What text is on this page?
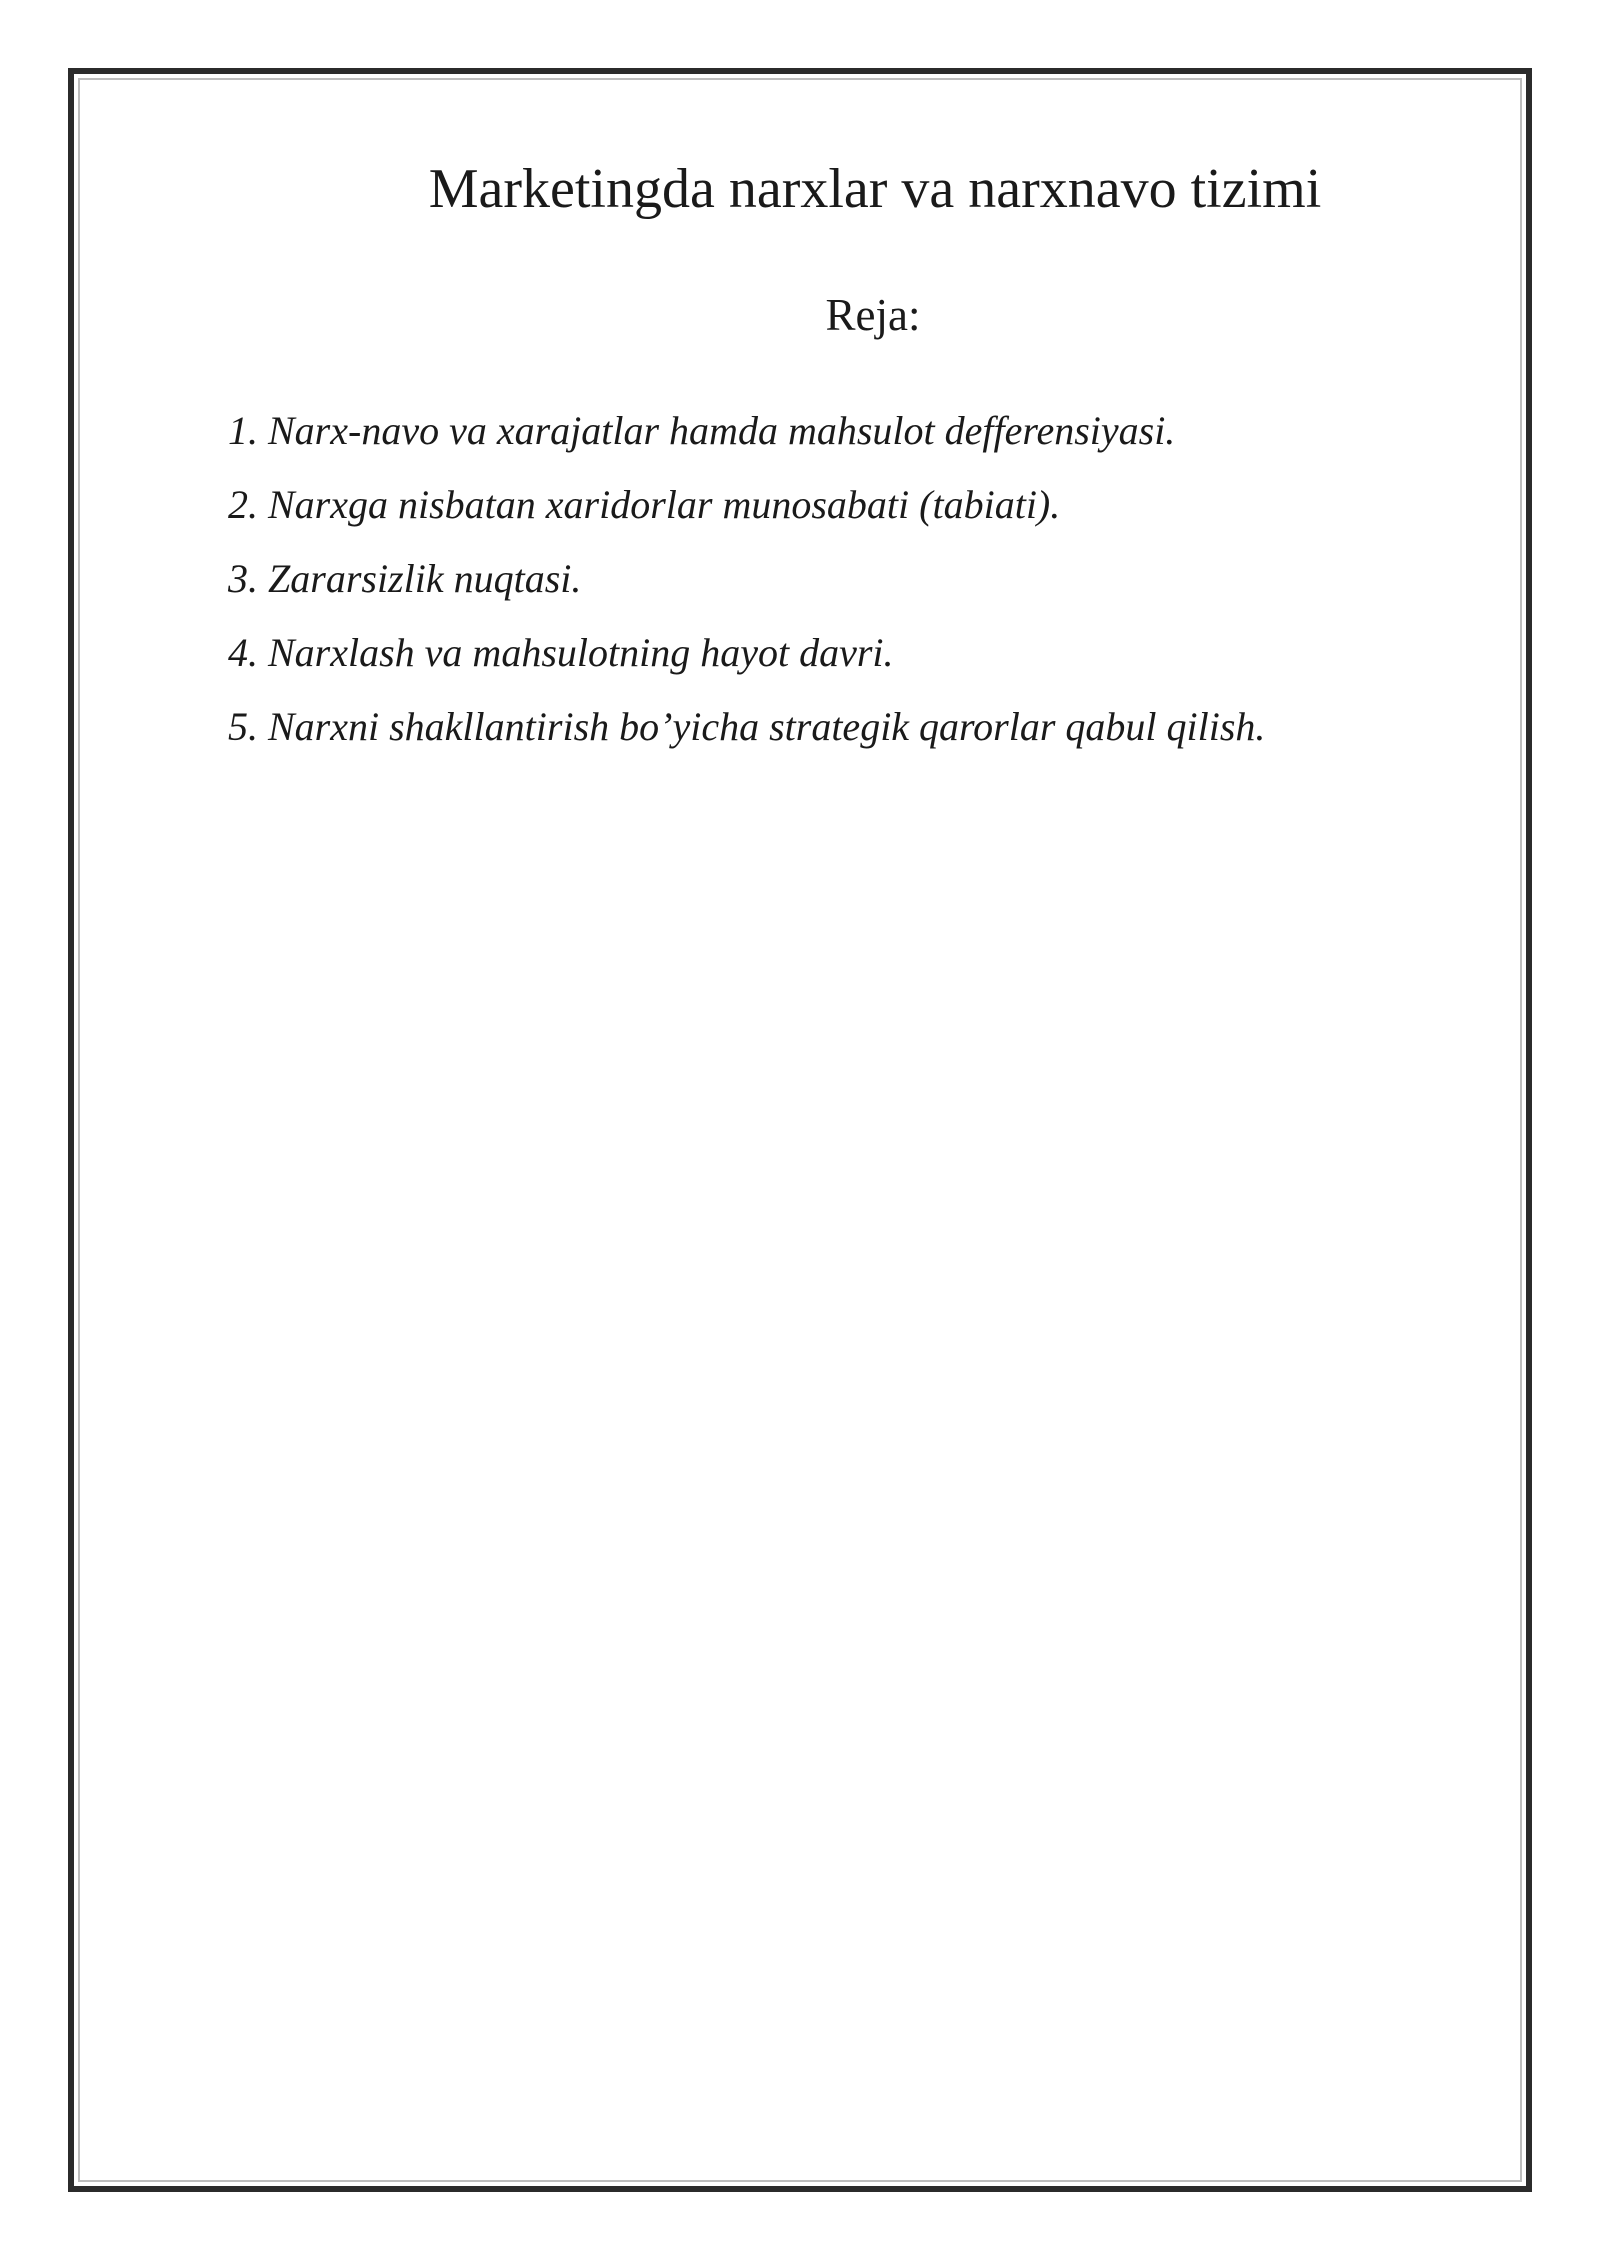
Marketingda narxlar va narxnavo tizimi
Reja:
1. Narx-navo va xarajatlar hamda mahsulot defferensiyasi.
2. Narxga nisbatan xaridorlar munosabati (tabiati).
3. Zararsizlik nuqtasi.
4. Narxlash va mahsulotning hayot davri.
5. Narxni shakllantirish bo’yicha strategik qarorlar qabul qilish.
